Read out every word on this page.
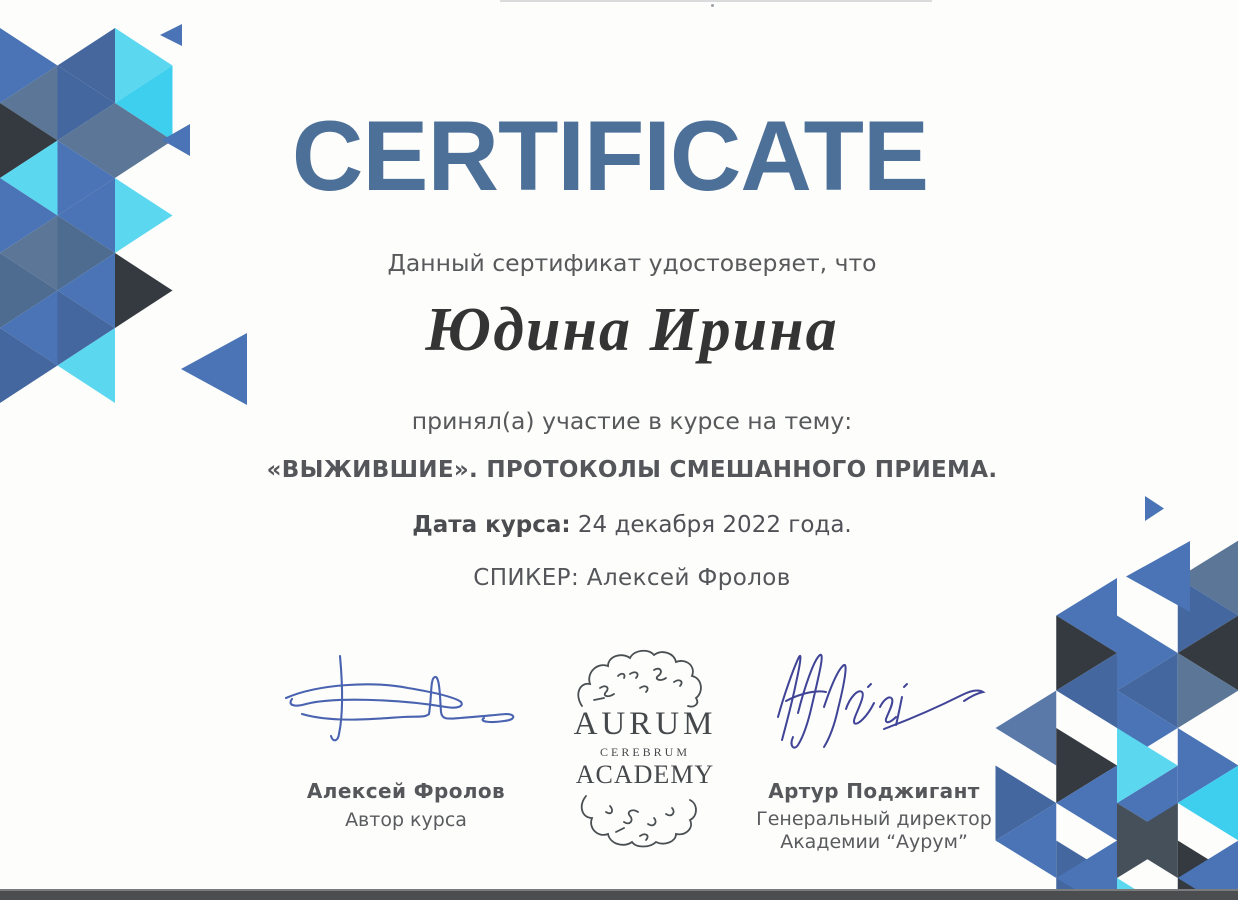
CERTIFICATE
Данный сертификат удостоверяет, что
Юдина Ирина
принял(а) участие в курсе на тему:
«ВЫЖИВШИЕ». ПРОТОКОЛЫ СМЕШАННОГО ПРИЕМА.
Дата курса: 24 декабря 2022 года.
СПИКЕР: Алексей Фролов
AURUM
CEREBRUM
ACADEMY
Алексей Фролов
Автор курса
Артур Поджигант
Генеральный директор
Академии “Аурум”
